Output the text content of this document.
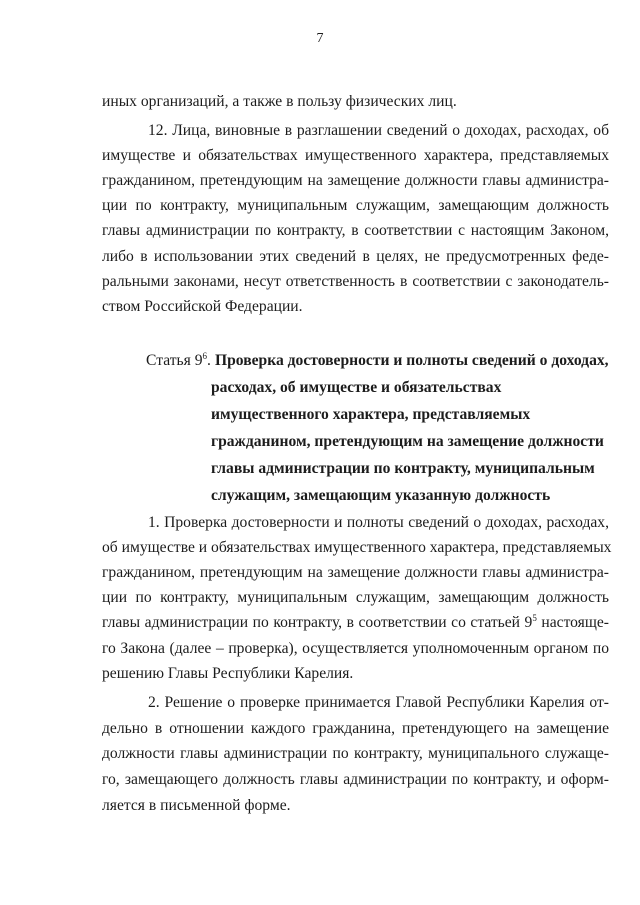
7
иных организаций, а также в пользу физических лиц.
12. Лица, виновные в разглашении сведений о доходах, расходах, об
имуществе и обязательствах имущественного характера, представляемых
гражданином, претендующим на замещение должности главы администра-
ции по контракту, муниципальным служащим, замещающим должность
главы администрации по контракту, в соответствии с настоящим Законом,
либо в использовании этих сведений в целях, не предусмотренных феде-
ральными законами, несут ответственность в соответствии с законодатель-
ством Российской Федерации.
Статья $9^6$. Проверка достоверности и полноты сведений о доходах,
расходах, об имуществе и обязательствах
имущественного характера, представляемых
гражданином, претендующим на замещение должности
главы администрации по контракту, муниципальным
служащим, замещающим указанную должность
1. Проверка достоверности и полноты сведений о доходах, расходах,
об имуществе и обязательствах имущественного характера, представляемых
гражданином, претендующим на замещение должности главы администра-
ции по контракту, муниципальным служащим, замещающим должность
главы администрации по контракту, в соответствии со статьей $9^5$ настояще-
го Закона (далее – проверка), осуществляется уполномоченным органом по
решению Главы Республики Карелия.
2. Решение о проверке принимается Главой Республики Карелия от-
дельно в отношении каждого гражданина, претендующего на замещение
должности главы администрации по контракту, муниципального служаще-
го, замещающего должность главы администрации по контракту, и оформ-
ляется в письменной форме.
